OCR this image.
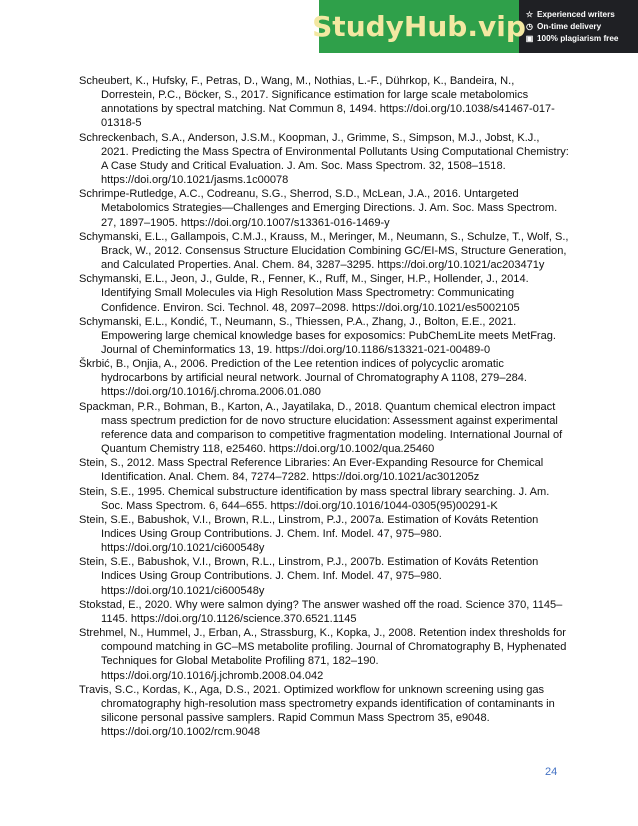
StudyHub.vip ☆ Experienced writers
◷ On-time delivery
▣ 100% plagiarism free
Scheubert, K., Hufsky, F., Petras, D., Wang, M., Nothias, L.-F., Dührkop, K., Bandeira, N., Dorrestein, P.C., Böcker, S., 2017. Significance estimation for large scale metabolomics annotations by spectral matching. Nat Commun 8, 1494. https://doi.org/10.1038/s41467-017-01318-5
Schreckenbach, S.A., Anderson, J.S.M., Koopman, J., Grimme, S., Simpson, M.J., Jobst, K.J., 2021. Predicting the Mass Spectra of Environmental Pollutants Using Computational Chemistry: A Case Study and Critical Evaluation. J. Am. Soc. Mass Spectrom. 32, 1508–1518. https://doi.org/10.1021/jasms.1c00078
Schrimpe-Rutledge, A.C., Codreanu, S.G., Sherrod, S.D., McLean, J.A., 2016. Untargeted Metabolomics Strategies—Challenges and Emerging Directions. J. Am. Soc. Mass Spectrom. 27, 1897–1905. https://doi.org/10.1007/s13361-016-1469-y
Schymanski, E.L., Gallampois, C.M.J., Krauss, M., Meringer, M., Neumann, S., Schulze, T., Wolf, S., Brack, W., 2012. Consensus Structure Elucidation Combining GC/EI-MS, Structure Generation, and Calculated Properties. Anal. Chem. 84, 3287–3295. https://doi.org/10.1021/ac203471y
Schymanski, E.L., Jeon, J., Gulde, R., Fenner, K., Ruff, M., Singer, H.P., Hollender, J., 2014. Identifying Small Molecules via High Resolution Mass Spectrometry: Communicating Confidence. Environ. Sci. Technol. 48, 2097–2098. https://doi.org/10.1021/es5002105
Schymanski, E.L., Kondić, T., Neumann, S., Thiessen, P.A., Zhang, J., Bolton, E.E., 2021. Empowering large chemical knowledge bases for exposomics: PubChemLite meets MetFrag. Journal of Cheminformatics 13, 19. https://doi.org/10.1186/s13321-021-00489-0
Škrbić, B., Onjia, A., 2006. Prediction of the Lee retention indices of polycyclic aromatic hydrocarbons by artificial neural network. Journal of Chromatography A 1108, 279–284. https://doi.org/10.1016/j.chroma.2006.01.080
Spackman, P.R., Bohman, B., Karton, A., Jayatilaka, D., 2018. Quantum chemical electron impact mass spectrum prediction for de novo structure elucidation: Assessment against experimental reference data and comparison to competitive fragmentation modeling. International Journal of Quantum Chemistry 118, e25460. https://doi.org/10.1002/qua.25460
Stein, S., 2012. Mass Spectral Reference Libraries: An Ever-Expanding Resource for Chemical Identification. Anal. Chem. 84, 7274–7282. https://doi.org/10.1021/ac301205z
Stein, S.E., 1995. Chemical substructure identification by mass spectral library searching. J. Am. Soc. Mass Spectrom. 6, 644–655. https://doi.org/10.1016/1044-0305(95)00291-K
Stein, S.E., Babushok, V.I., Brown, R.L., Linstrom, P.J., 2007a. Estimation of Kováts Retention Indices Using Group Contributions. J. Chem. Inf. Model. 47, 975–980. https://doi.org/10.1021/ci600548y
Stein, S.E., Babushok, V.I., Brown, R.L., Linstrom, P.J., 2007b. Estimation of Kováts Retention Indices Using Group Contributions. J. Chem. Inf. Model. 47, 975–980. https://doi.org/10.1021/ci600548y
Stokstad, E., 2020. Why were salmon dying? The answer washed off the road. Science 370, 1145–1145. https://doi.org/10.1126/science.370.6521.1145
Strehmel, N., Hummel, J., Erban, A., Strassburg, K., Kopka, J., 2008. Retention index thresholds for compound matching in GC–MS metabolite profiling. Journal of Chromatography B, Hyphenated Techniques for Global Metabolite Profiling 871, 182–190. https://doi.org/10.1016/j.jchromb.2008.04.042
Travis, S.C., Kordas, K., Aga, D.S., 2021. Optimized workflow for unknown screening using gas chromatography high-resolution mass spectrometry expands identification of contaminants in silicone personal passive samplers. Rapid Commun Mass Spectrom 35, e9048. https://doi.org/10.1002/rcm.9048
24
